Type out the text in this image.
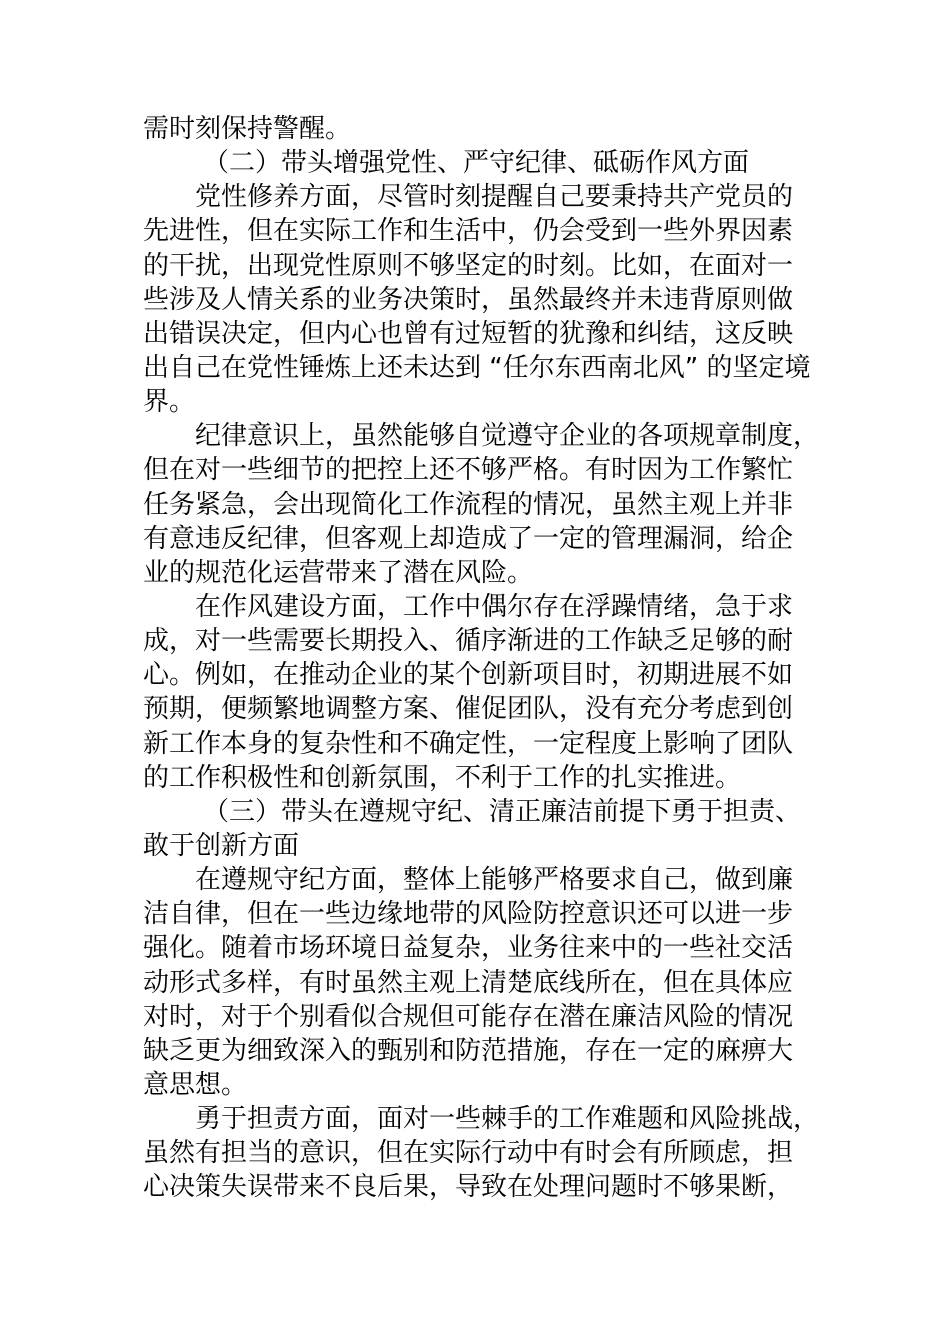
需时刻保持警醒。
（二）带头增强党性、严守纪律、砥砺作风方面
党性修养方面，尽管时刻提醒自己要秉持共产党员的
先进性，但在实际工作和生活中，仍会受到一些外界因素
的干扰，出现党性原则不够坚定的时刻。比如，在面对一
些涉及人情关系的业务决策时，虽然最终并未违背原则做
出错误决定，但内心也曾有过短暂的犹豫和纠结，这反映
出自己在党性锤炼上还未达到 “任尔东西南北风” 的坚定境
界。
纪律意识上，虽然能够自觉遵守企业的各项规章制度，
但在对一些细节的把控上还不够严格。有时因为工作繁忙
任务紧急，会出现简化工作流程的情况，虽然主观上并非
有意违反纪律，但客观上却造成了一定的管理漏洞，给企
业的规范化运营带来了潜在风险。
在作风建设方面，工作中偶尔存在浮躁情绪，急于求
成，对一些需要长期投入、循序渐进的工作缺乏足够的耐
心。例如，在推动企业的某个创新项目时，初期进展不如
预期，便频繁地调整方案、催促团队，没有充分考虑到创
新工作本身的复杂性和不确定性，一定程度上影响了团队
的工作积极性和创新氛围，不利于工作的扎实推进。
（三）带头在遵规守纪、清正廉洁前提下勇于担责、
敢于创新方面
在遵规守纪方面，整体上能够严格要求自己，做到廉
洁自律，但在一些边缘地带的风险防控意识还可以进一步
强化。随着市场环境日益复杂，业务往来中的一些社交活
动形式多样，有时虽然主观上清楚底线所在，但在具体应
对时，对于个别看似合规但可能存在潜在廉洁风险的情况
缺乏更为细致深入的甄别和防范措施，存在一定的麻痹大
意思想。
勇于担责方面，面对一些棘手的工作难题和风险挑战，
虽然有担当的意识，但在实际行动中有时会有所顾虑，担
心决策失误带来不良后果，导致在处理问题时不够果断，
